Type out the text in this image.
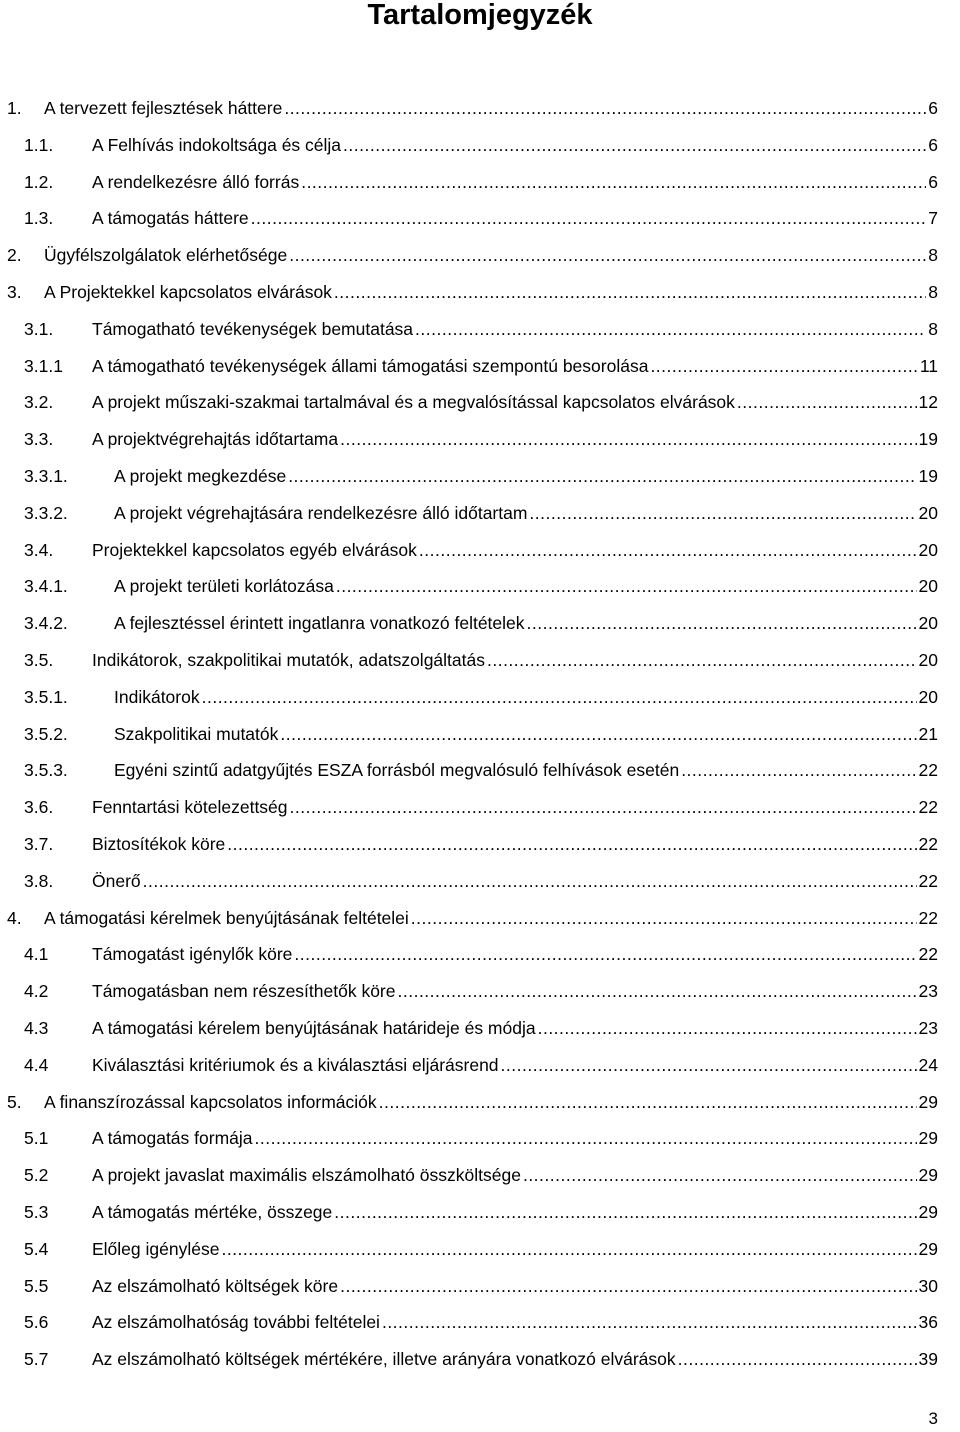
Tartalomjegyzék
1. A tervezett fejlesztések háttere .....	6
1.1. A Felhívás indokoltsága és célja .....	6
1.2. A rendelkezésre álló forrás .....	6
1.3. A támogatás háttere .....	7
2. Ügyfélszolgálatok elérhetősége .....	8
3. A Projektekkel kapcsolatos elvárások .....	8
3.1. Támogatható tevékenységek bemutatása .....	8
3.1.1 A támogatható tevékenységek állami támogatási szempontú besorolása .....	11
3.2. A projekt műszaki-szakmai tartalmával és a megvalósítással kapcsolatos elvárások .....	12
3.3. A projektvégrehajtás időtartama .....	19
3.3.1.	A projekt megkezdése .....	19
3.3.2.	A projekt végrehajtására rendelkezésre álló időtartam .....	20
3.4. Projektekkel kapcsolatos egyéb elvárások .....	20
3.4.1.	A projekt területi korlátozása .....	20
3.4.2.	A fejlesztéssel érintett ingatlanra vonatkozó feltételek .....	20
3.5. Indikátorok, szakpolitikai mutatók, adatszolgáltatás .....	20
3.5.1.	Indikátorok .....	20
3.5.2.	Szakpolitikai mutatók .....	21
3.5.3.	Egyéni szintű adatgyűjtés ESZA forrásból megvalósuló felhívások esetén .....	22
3.6. Fenntartási kötelezettség .....	22
3.7. Biztosítékok köre .....	22
3.8. Önerő .....	22
4. A támogatási kérelmek benyújtásának feltételei .....	22
4.1 Támogatást igénylők köre .....	22
4.2 Támogatásban nem részesíthetők köre .....	23
4.3 A támogatási kérelem benyújtásának határideje és módja .....	23
4.4 Kiválasztási kritériumok és a kiválasztási eljárásrend .....	24
5. A finanszírozással kapcsolatos információk .....	29
5.1 A támogatás formája .....	29
5.2 A projekt javaslat maximális elszámolható összköltsége .....	29
5.3 A támogatás mértéke, összege .....	29
5.4 Előleg igénylése .....	29
5.5 Az elszámolható költségek köre .....	30
5.6 Az elszámolhatóság további feltételei .....	36
5.7 Az elszámolható költségek mértékére, illetve arányára vonatkozó elvárások .....	39
3
